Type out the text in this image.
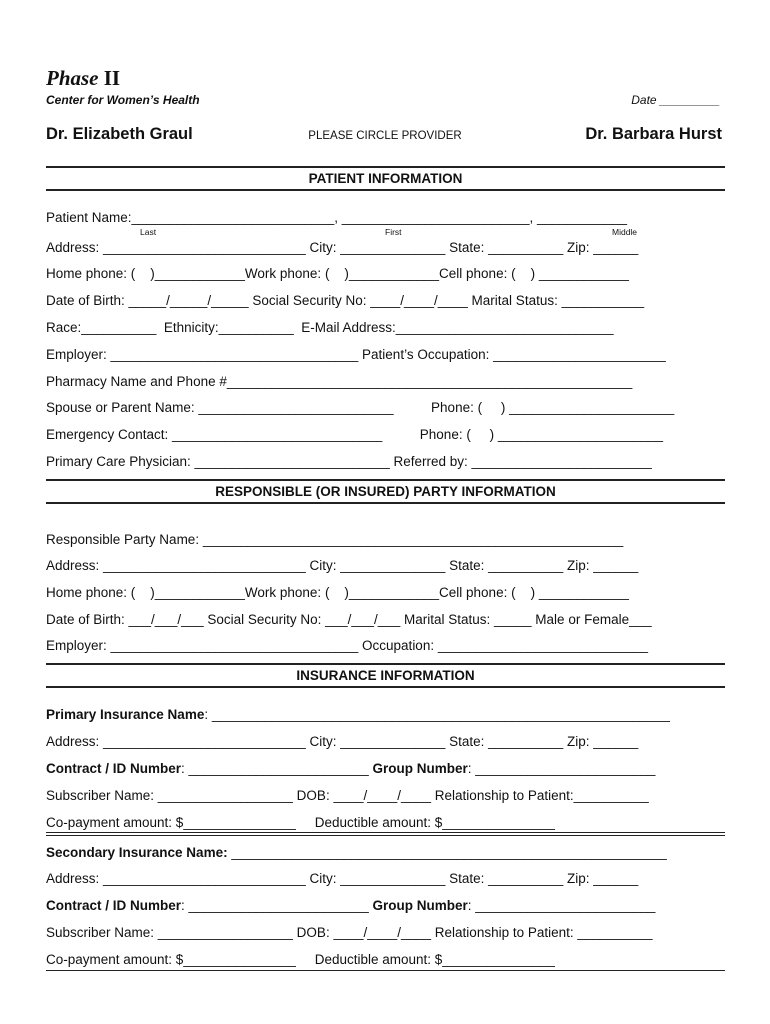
Phase II
Center for Women’s Health	Date _________
Dr. Elizabeth Graul	PLEASE CIRCLE PROVIDER	Dr. Barbara Hurst
PATIENT INFORMATION
Patient Name:___________________________, _________________________, ____________
Last	First	Middle
Address: ___________________________ City: ______________ State: __________ Zip: ______
Home phone: (    )____________Work phone: (    )____________Cell phone: (    ) ____________
Date of Birth: _____/_____/_____ Social Security No: ____/____/____ Marital Status: ___________
Race:__________  Ethnicity:__________  E-Mail Address:_____________________________
Employer: _________________________________ Patient’s Occupation: _______________________
Pharmacy Name and Phone #______________________________________________________
Spouse or Parent Name: __________________________          Phone: (     ) ______________________
Emergency Contact: ____________________________          Phone: (     ) ______________________
Primary Care Physician: __________________________ Referred by: ________________________
RESPONSIBLE (OR INSURED) PARTY INFORMATION
Responsible Party Name: ________________________________________________________
Address: ___________________________ City: ______________ State: __________ Zip: ______
Home phone: (    )____________Work phone: (    )____________Cell phone: (    ) ____________
Date of Birth: ___/___/___ Social Security No: ___/___/___ Marital Status: _____ Male or Female___
Employer: _________________________________ Occupation: ____________________________
INSURANCE INFORMATION
Primary Insurance Name: _____________________________________________________________
Address: ___________________________ City: ______________ State: __________ Zip: ______
Contract / ID Number: ________________________ Group Number: ________________________
Subscriber Name: __________________ DOB: ____/____/____ Relationship to Patient:__________
Co-payment amount: $_______________     Deductible amount: $_______________
Secondary Insurance Name: __________________________________________________________
Address: ___________________________ City: ______________ State: __________ Zip: ______
Contract / ID Number: ________________________ Group Number: ________________________
Subscriber Name: __________________ DOB: ____/____/____ Relationship to Patient: __________
Co-payment amount: $_______________     Deductible amount: $_______________
